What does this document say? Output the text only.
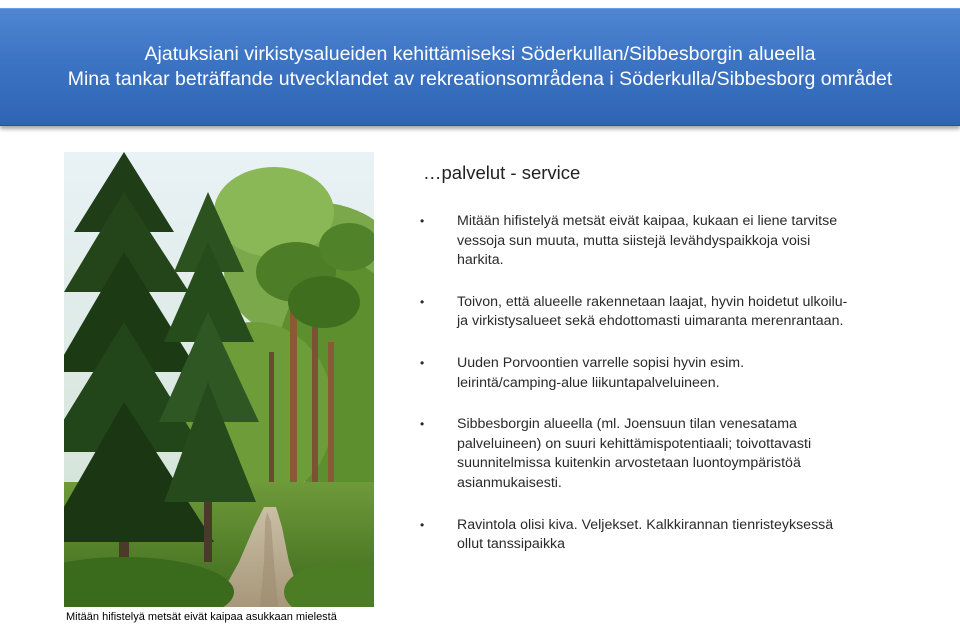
Ajatuksiani virkistysalueiden kehittämiseksi Söderkullan/Sibbesborgin alueella
Mina tankar beträffande utvecklandet av rekreationsområdena i Söderkulla/Sibbesborg området
Mitään hifistelyä metsät eivät kaipaa asukkaan mielestä
…palvelut - service
• Mitään hifistelyä metsät eivät kaipaa, kukaan ei liene tarvitse vessoja sun muuta, mutta siistejä levähdyspaikkoja voisi harkita.
• Toivon, että alueelle rakennetaan laajat, hyvin hoidetut ulkoilu- ja virkistysalueet sekä ehdottomasti uimaranta merenrantaan.
• Uuden Porvoontien varrelle sopisi hyvin esim. leirintä/camping-alue liikuntapalveluineen.
• Sibbesborgin alueella (ml. Joensuun tilan venesatama palveluineen) on suuri kehittämispotentiaali; toivottavasti suunnitelmissa kuitenkin arvostetaan luontoympäristöä asianmukaisesti.
• Ravintola olisi kiva. Veljekset. Kalkkirannan tienristeyksessä ollut tanssipaikka
